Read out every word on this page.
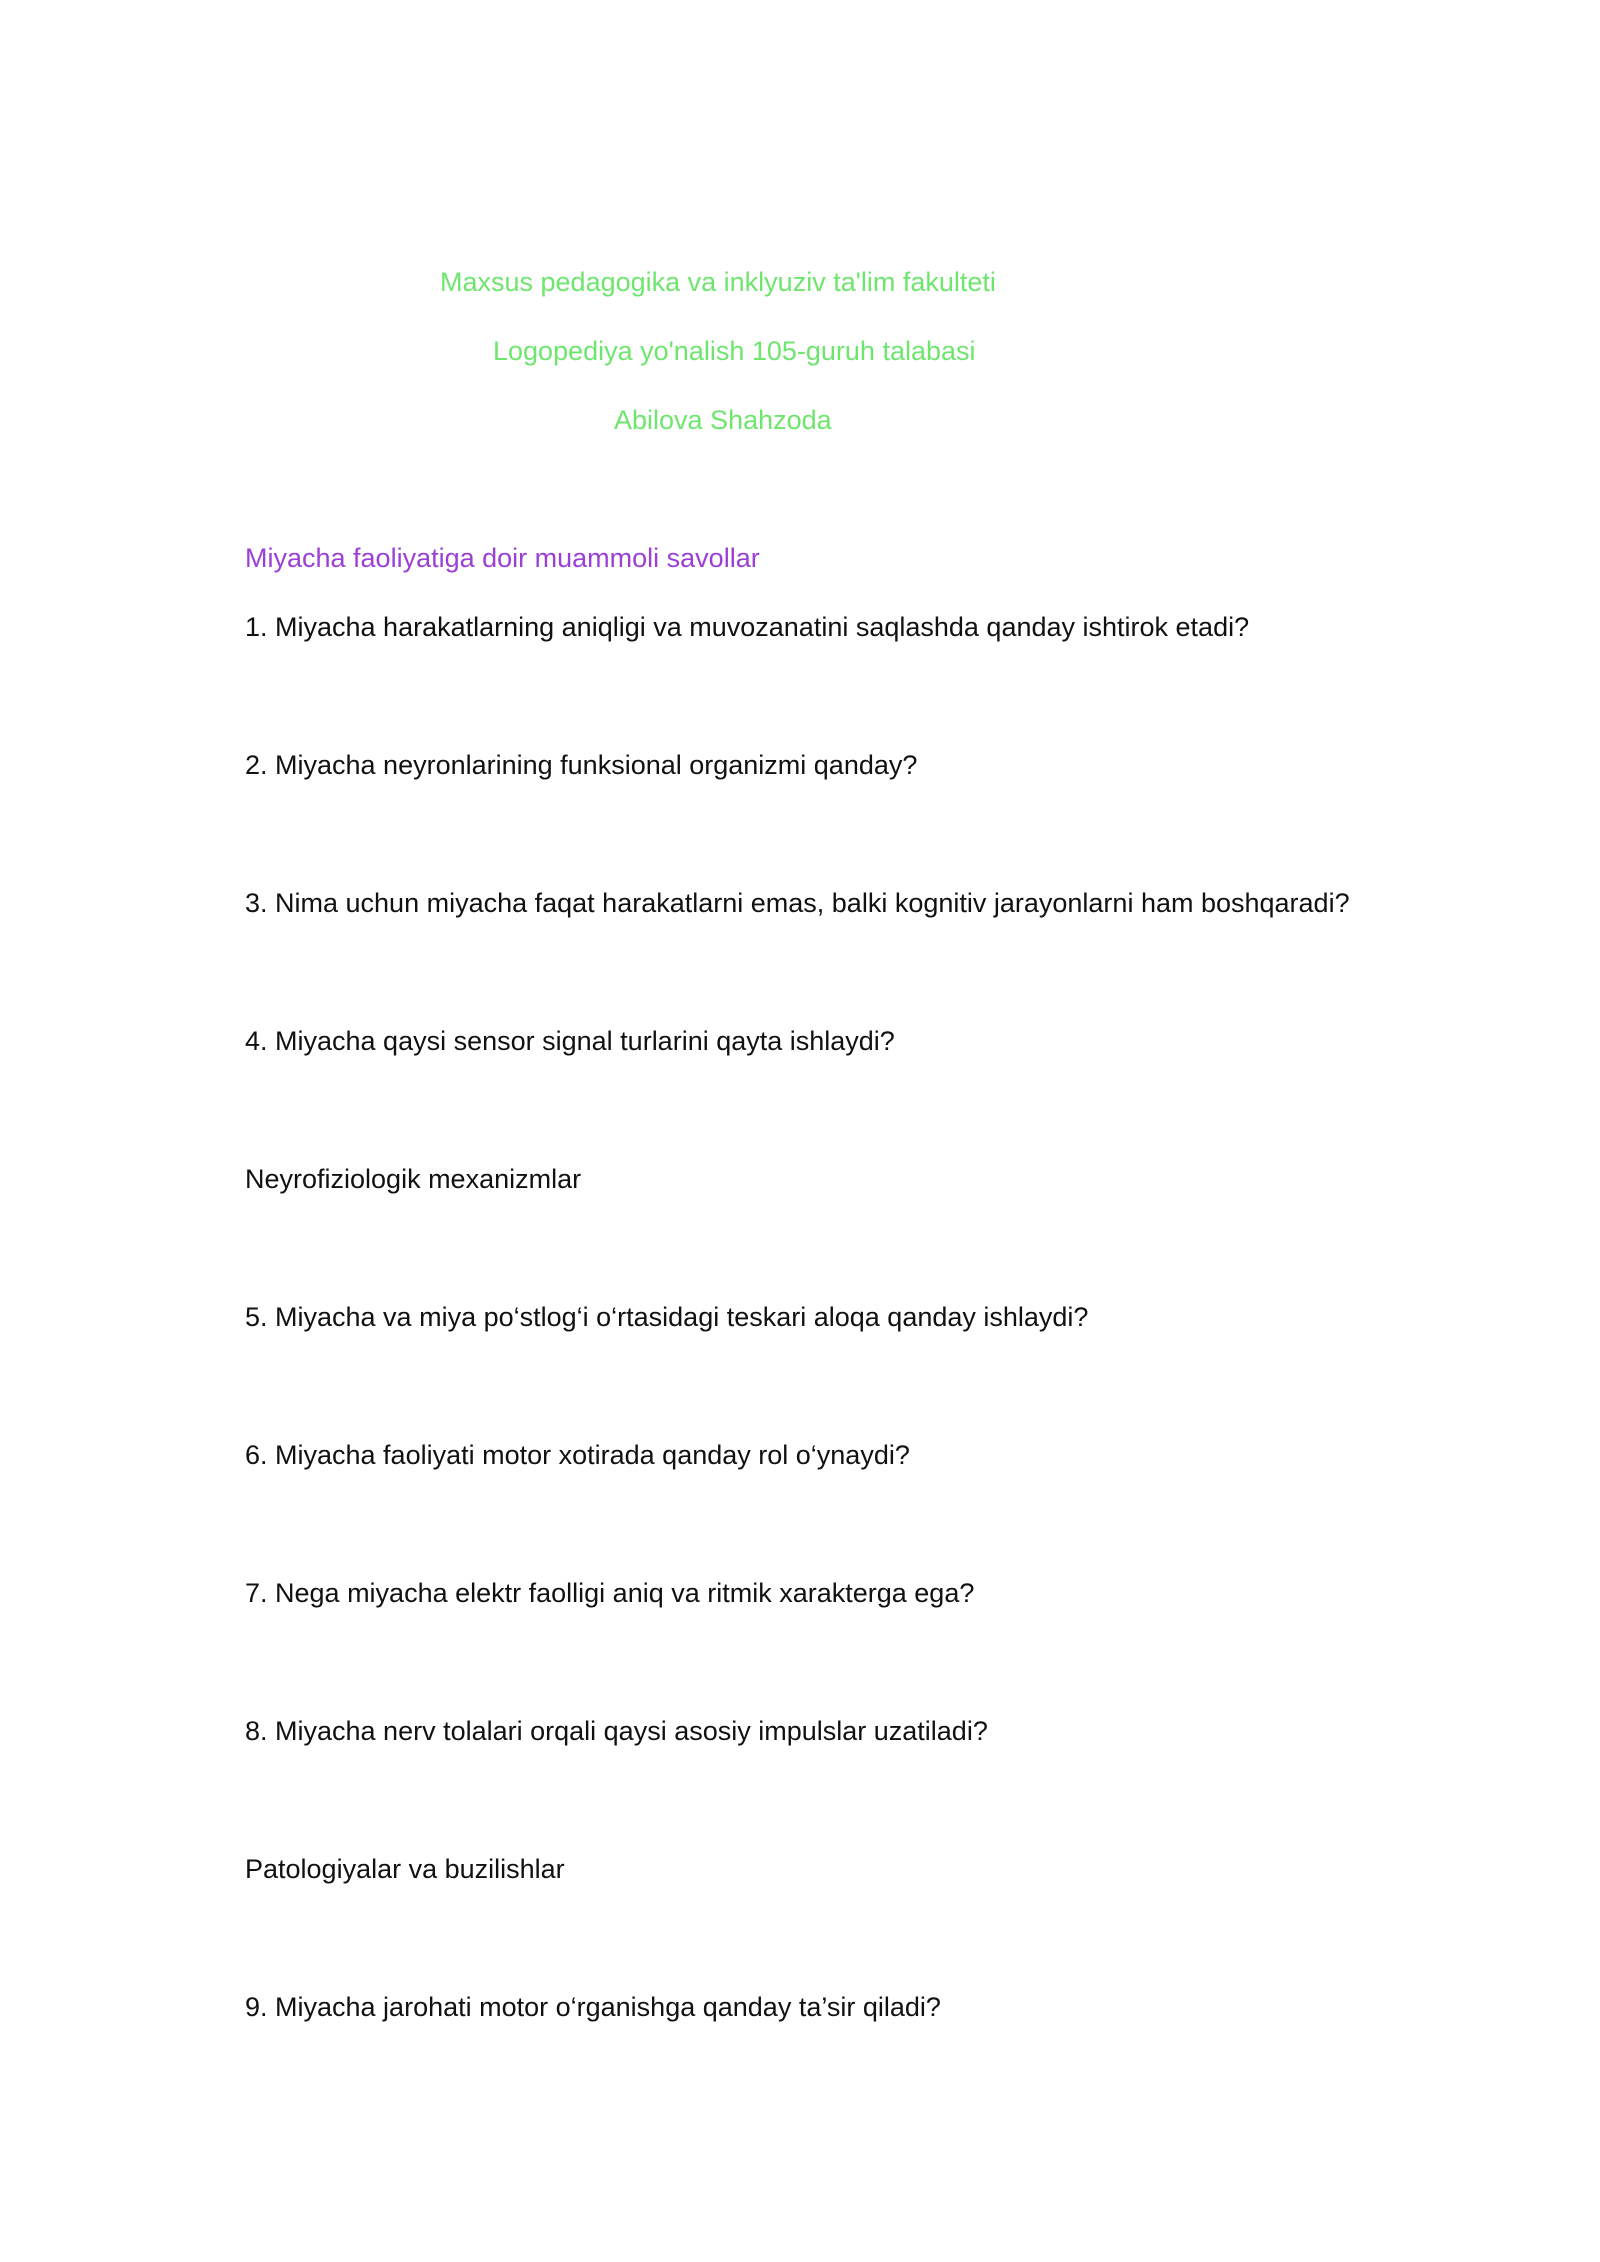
Maxsus pedagogika va inklyuziv ta'lim fakulteti
Logopediya yo'nalish 105-guruh talabasi
Abilova Shahzoda
Miyacha faoliyatiga doir muammoli savollar
1. Miyacha harakatlarning aniqligi va muvozanatini saqlashda qanday ishtirok etadi?
2. Miyacha neyronlarining funksional organizmi qanday?
3. Nima uchun miyacha faqat harakatlarni emas, balki kognitiv jarayonlarni ham boshqaradi?
4. Miyacha qaysi sensor signal turlarini qayta ishlaydi?
Neyrofiziologik mexanizmlar
5. Miyacha va miya po‘stlog‘i o‘rtasidagi teskari aloqa qanday ishlaydi?
6. Miyacha faoliyati motor xotirada qanday rol o‘ynaydi?
7. Nega miyacha elektr faolligi aniq va ritmik xarakterga ega?
8. Miyacha nerv tolalari orqali qaysi asosiy impulslar uzatiladi?
Patologiyalar va buzilishlar
9. Miyacha jarohati motor o‘rganishga qanday ta’sir qiladi?
